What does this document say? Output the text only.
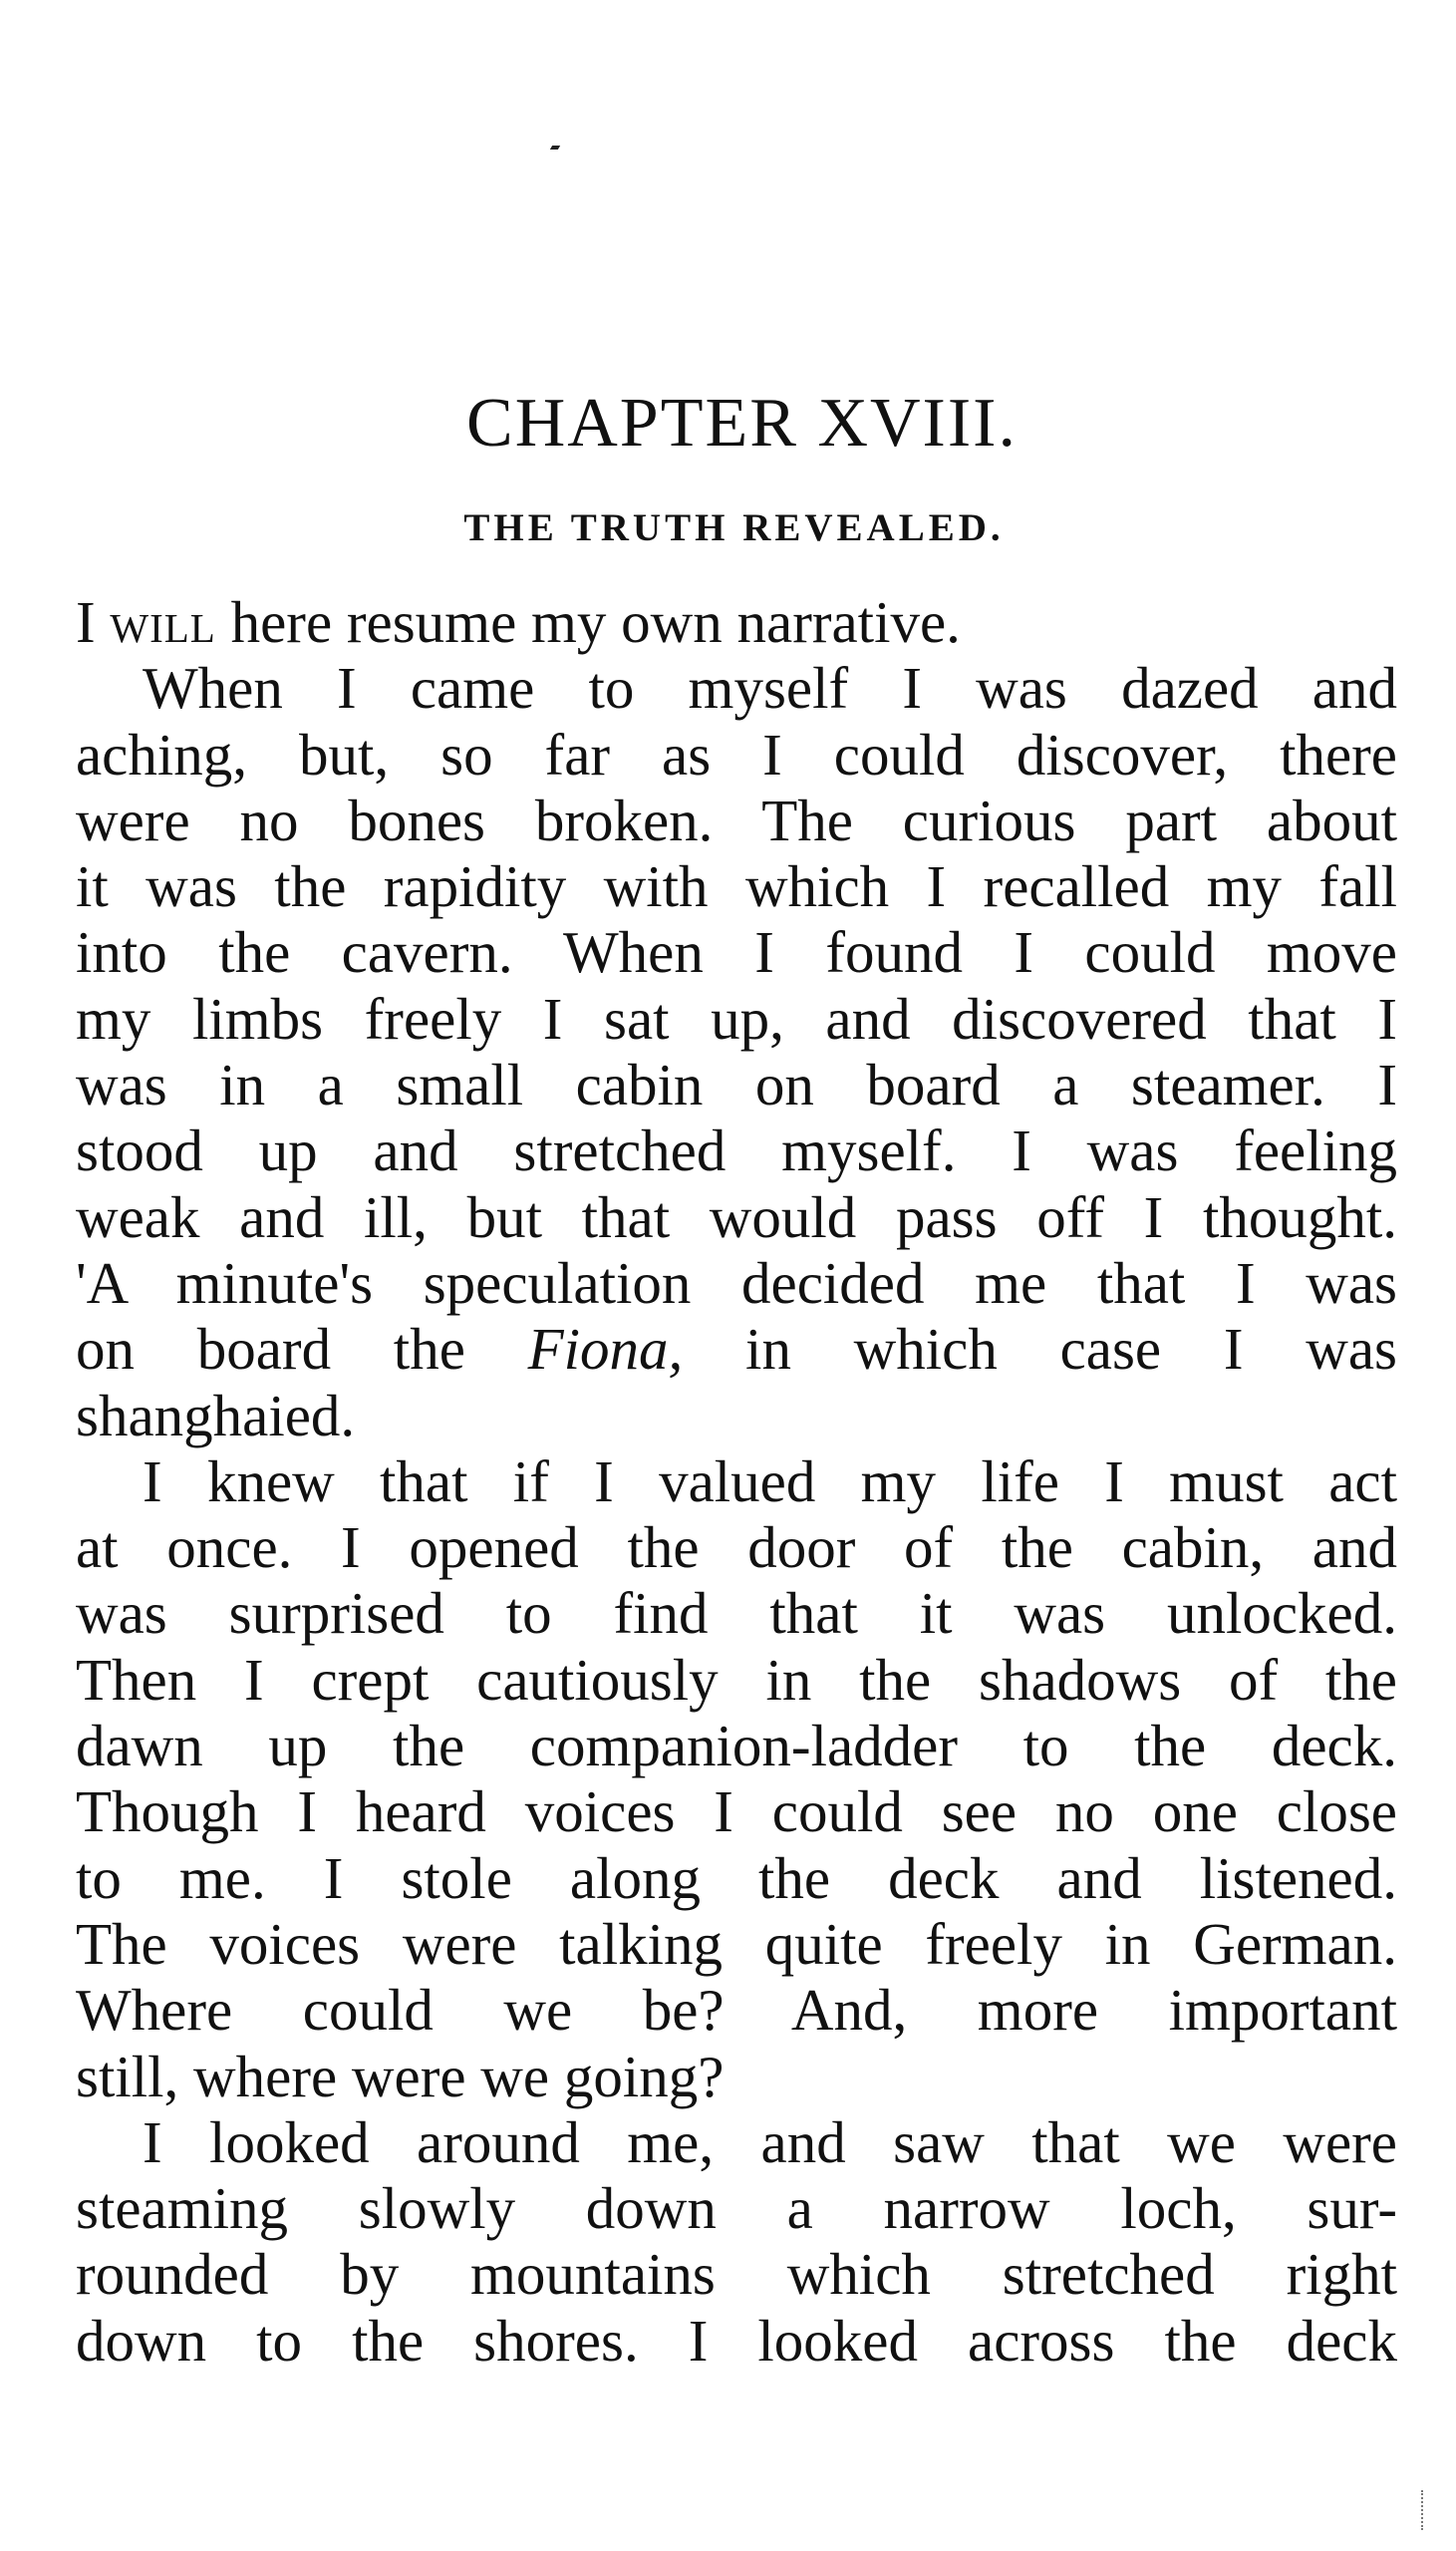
CHAPTER XVIII.
THE TRUTH REVEALED.
I will here resume my own narrative.
When I came to myself I was dazed and
aching, but, so far as I could discover, there
were no bones broken. The curious part about
it was the rapidity with which I recalled my fall
into the cavern. When I found I could move
my limbs freely I sat up, and discovered that I
was in a small cabin on board a steamer. I
stood up and stretched myself. I was feeling
weak and ill, but that would pass off I thought.
'A minute's speculation decided me that I was
on board the Fiona, in which case I was
shanghaied.
I knew that if I valued my life I must act
at once. I opened the door of the cabin, and
was surprised to find that it was unlocked.
Then I crept cautiously in the shadows of the
dawn up the companion-ladder to the deck.
Though I heard voices I could see no one close
to me. I stole along the deck and listened.
The voices were talking quite freely in German.
Where could we be? And, more important
still, where were we going?
I looked around me, and saw that we were
steaming slowly down a narrow loch, sur-
rounded by mountains which stretched right
down to the shores. I looked across the deck
